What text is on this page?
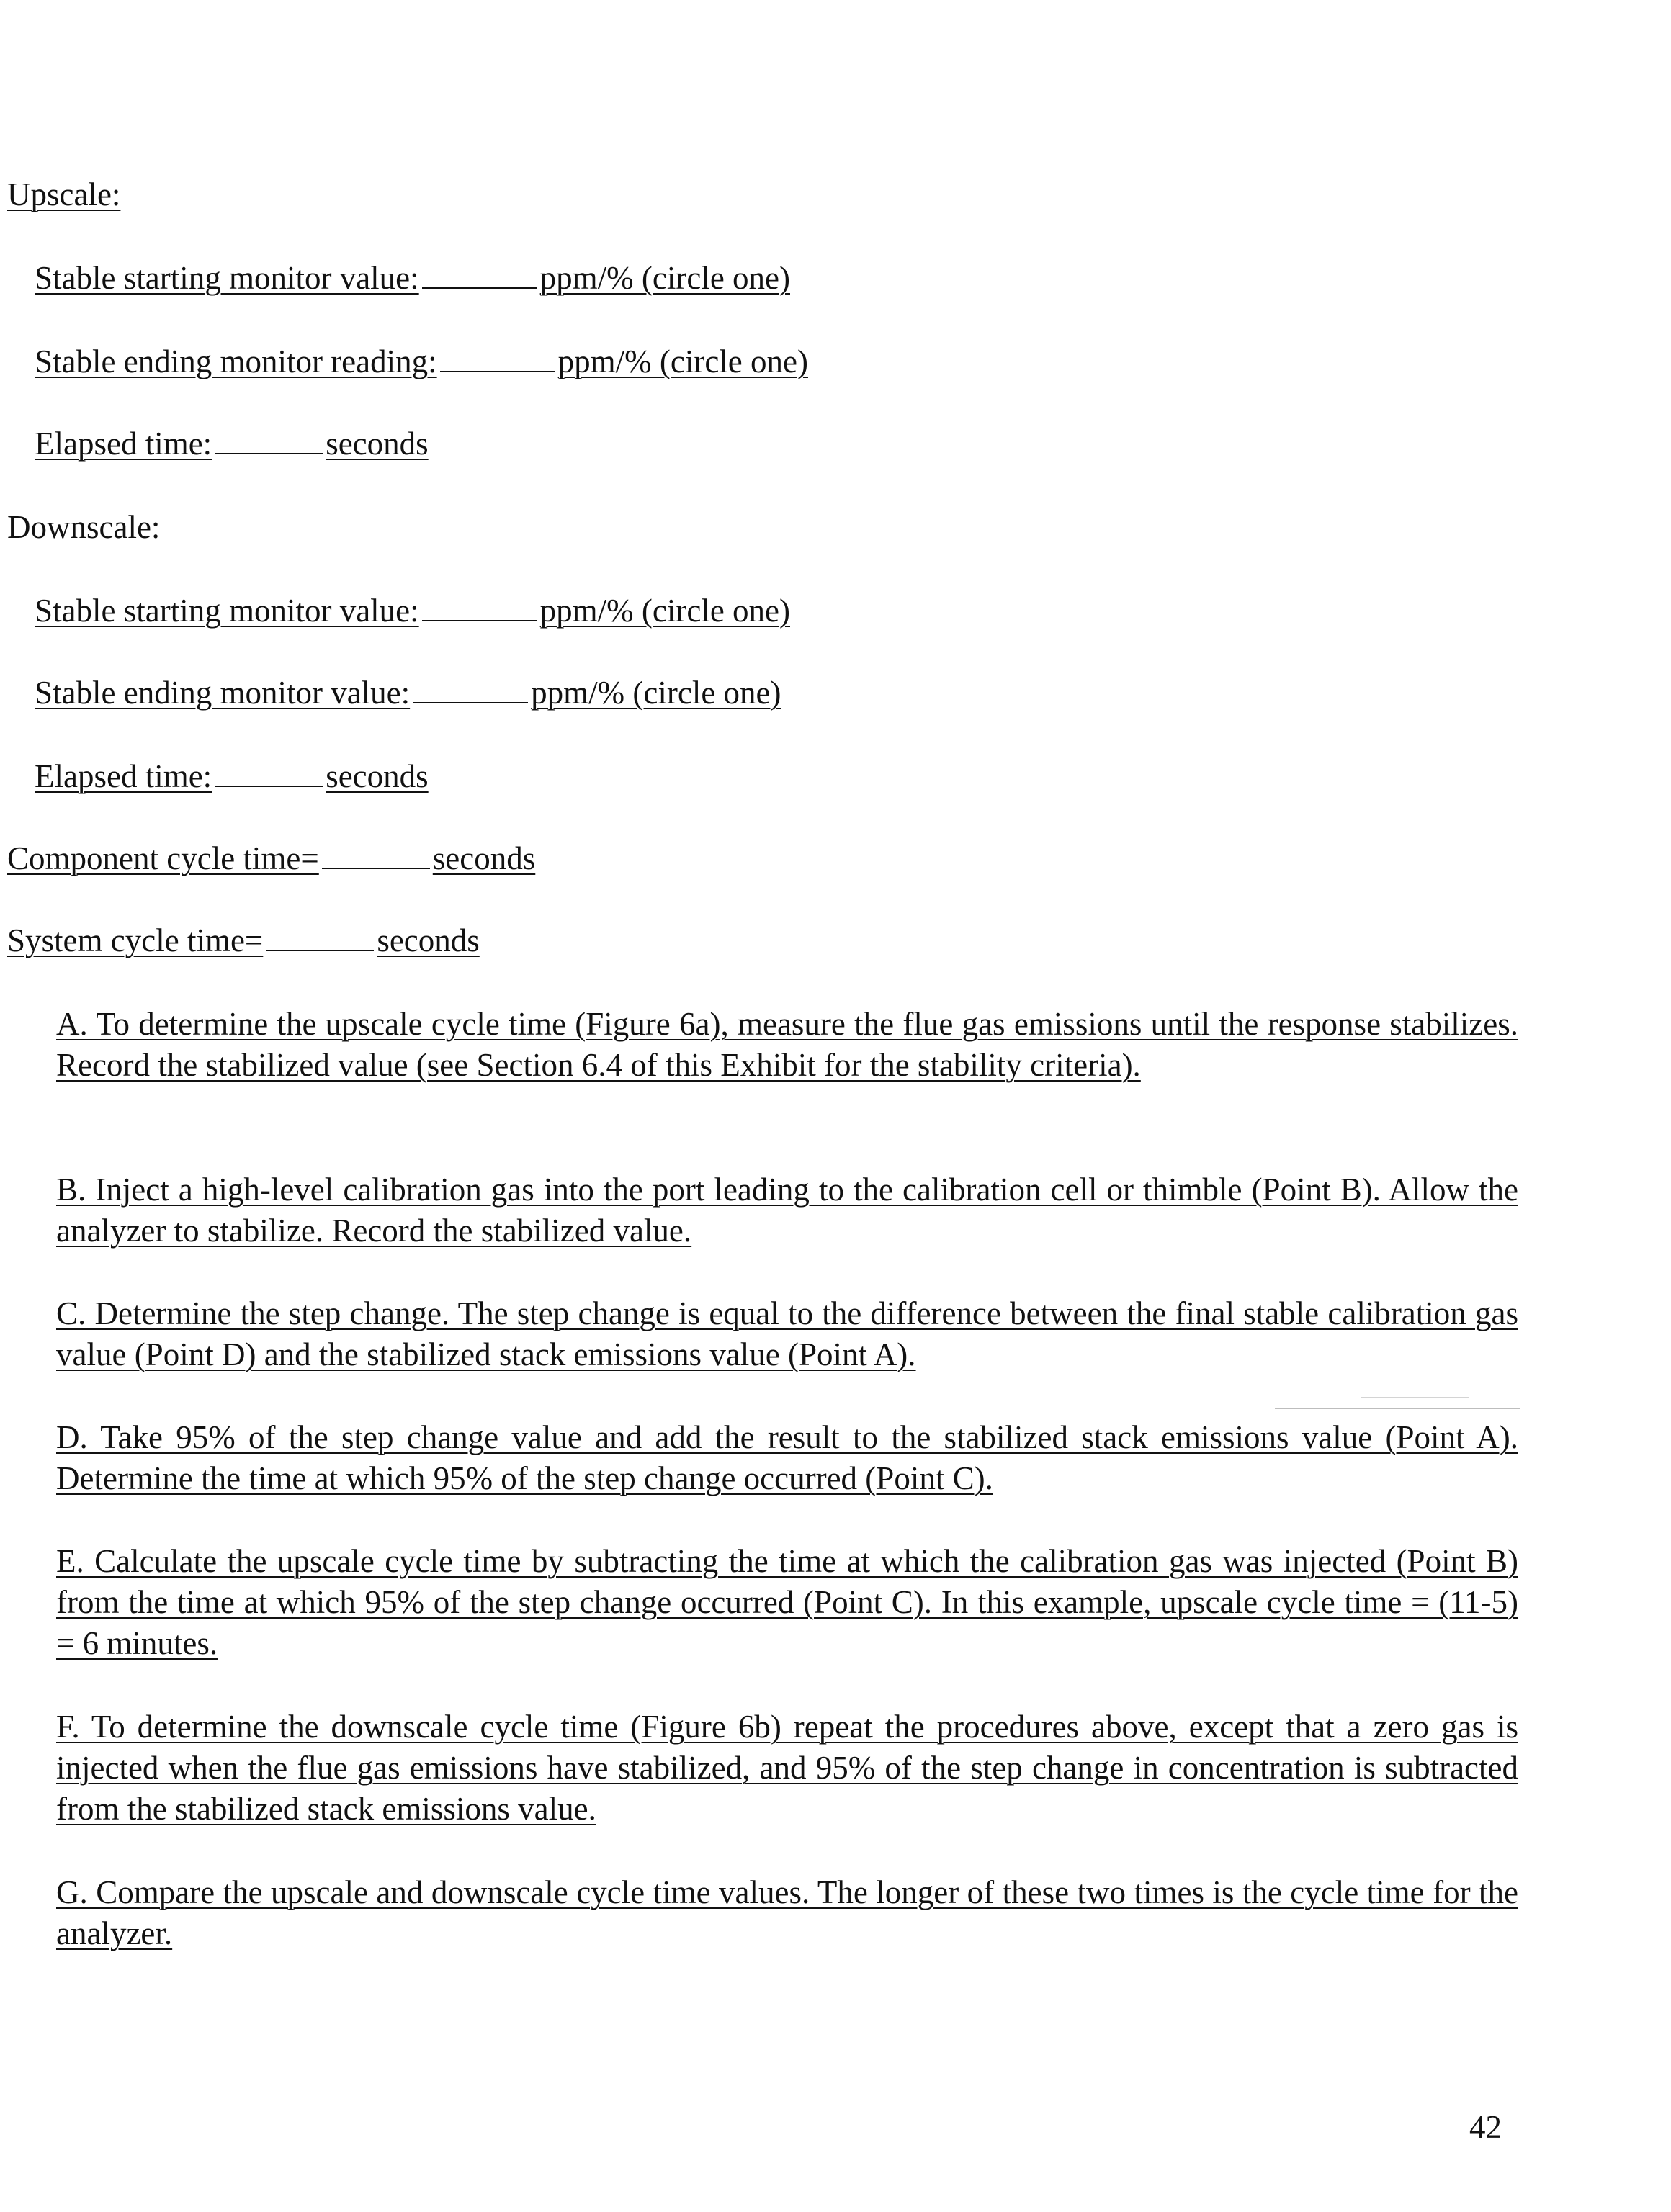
Upscale:
Stable starting monitor value:	ppm/% (circle one)
Stable ending monitor reading:	ppm/% (circle one)
Elapsed time:	seconds
Downscale:
Stable starting monitor value:	ppm/% (circle one)
Stable ending monitor value:	ppm/% (circle one)
Elapsed time:	seconds
Component cycle time=	seconds
System cycle time=	seconds

A. To determine the upscale cycle time (Figure 6a), measure the flue gas emissions until the response stabilizes. Record the stabilized value (see Section 6.4 of this Exhibit for the stability criteria).

B. Inject a high-level calibration gas into the port leading to the calibration cell or thimble (Point B). Allow the analyzer to stabilize. Record the stabilized value.

C. Determine the step change. The step change is equal to the difference between the final stable calibration gas value (Point D) and the stabilized stack emissions value (Point A).

D. Take 95% of the step change value and add the result to the stabilized stack emissions value (Point A). Determine the time at which 95% of the step change occurred (Point C).

E. Calculate the upscale cycle time by subtracting the time at which the calibration gas was injected (Point B) from the time at which 95% of the step change occurred (Point C). In this example, upscale cycle time = (11-5) = 6 minutes.

F. To determine the downscale cycle time (Figure 6b) repeat the procedures above, except that a zero gas is injected when the flue gas emissions have stabilized, and 95% of the step change in concentration is subtracted from the stabilized stack emissions value.

G. Compare the upscale and downscale cycle time values. The longer of these two times is the cycle time for the analyzer.

42
